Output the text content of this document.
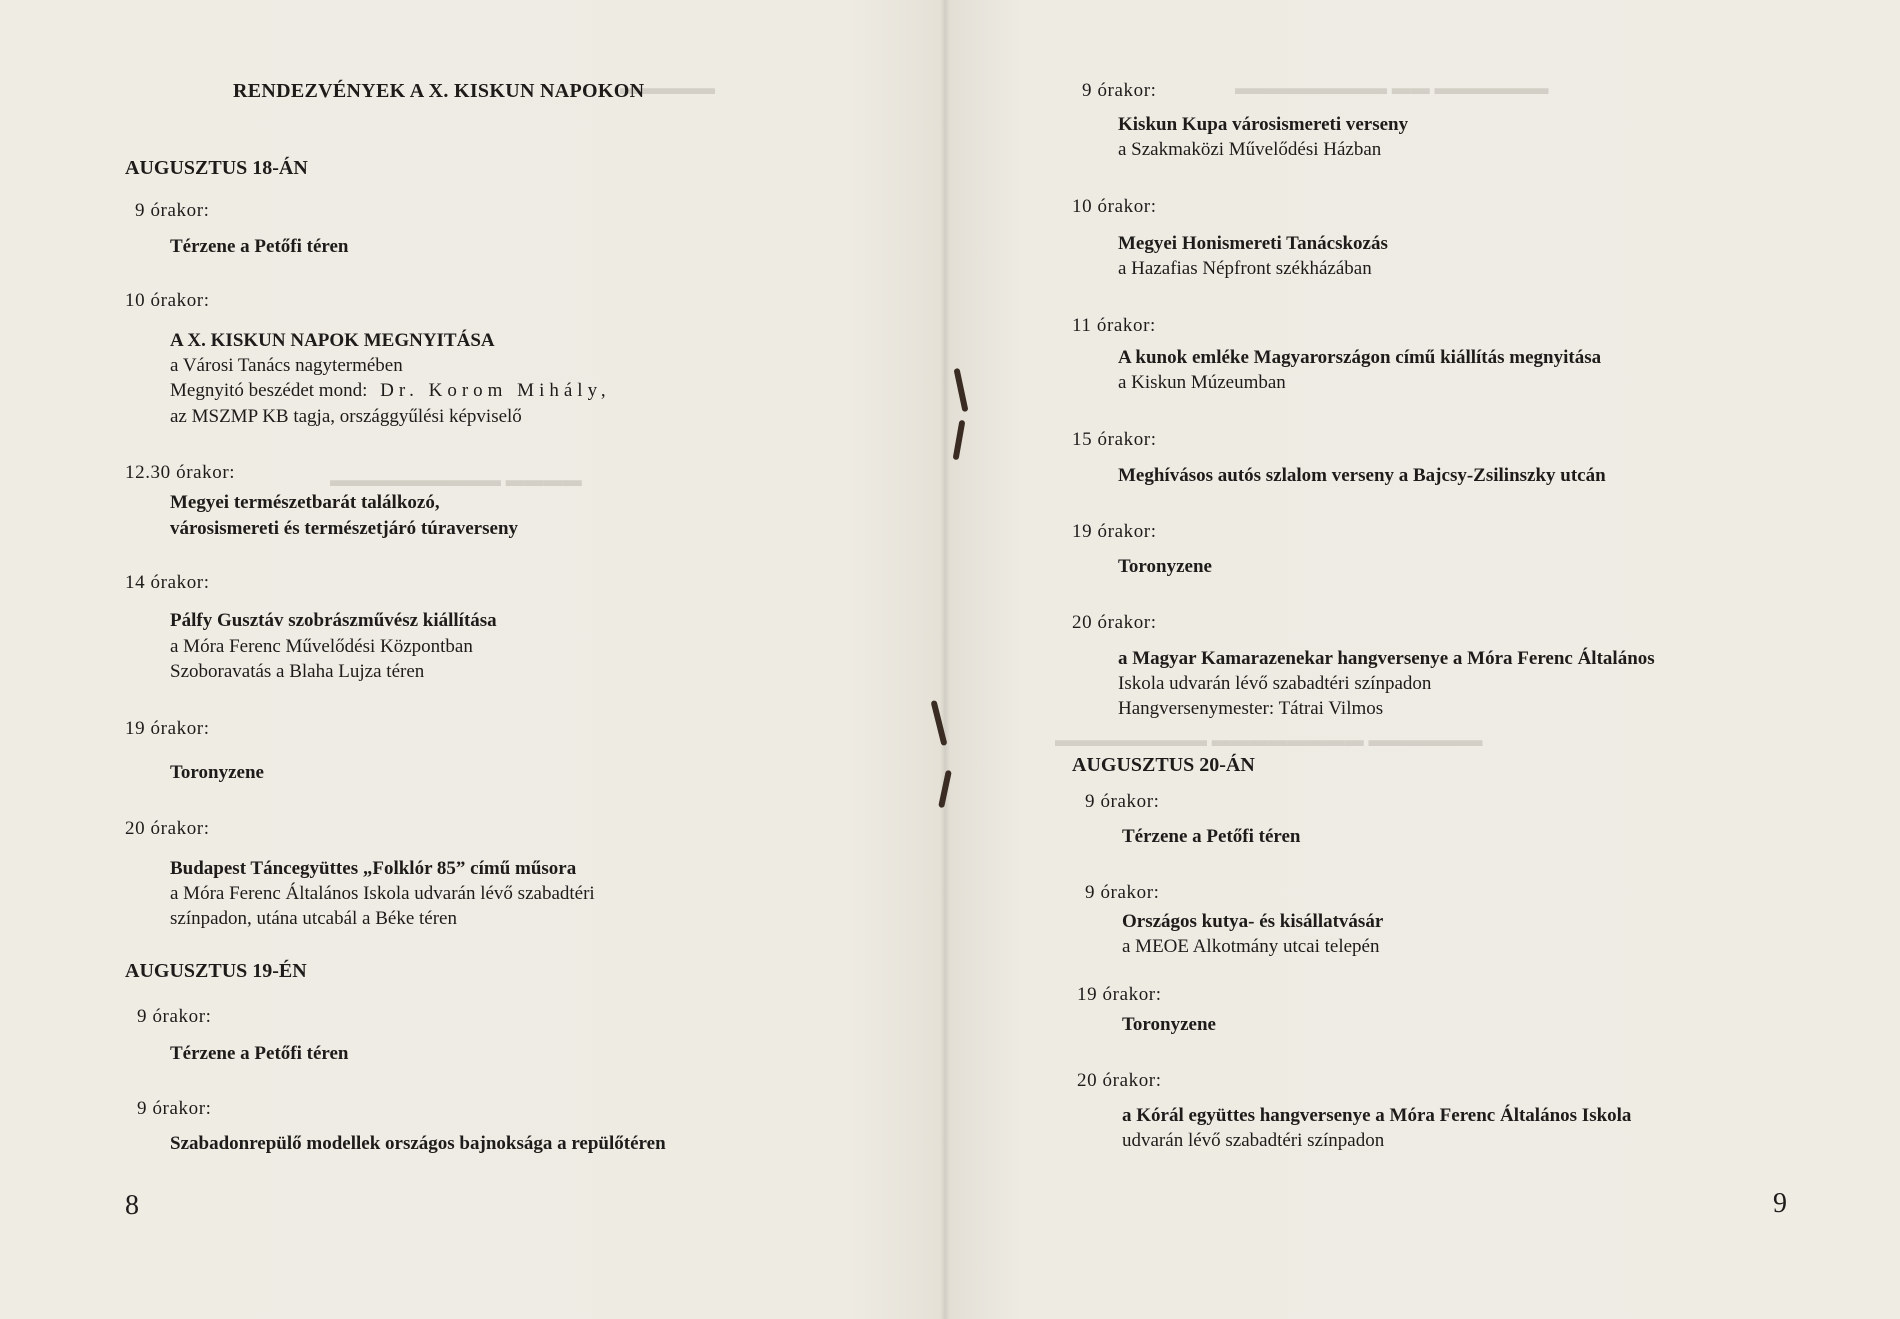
▬▬▬▬▬
▬▬▬▬ ▬▬▬▬▬▬▬▬▬
RENDEZVÉNYEK A X. KISKUN NAPOKON
AUGUSZTUS 18-ÁN
9 órakor:
Térzene a Petőfi téren
10 órakor:
A X. KISKUN NAPOK MEGNYITÁSA
a Városi Tanács nagytermében
Megnyitó beszédet mond: Dr. Korom Mihály,
az MSZMP KB tagja, országgyűlési képviselő
12.30 órakor:
Megyei természetbarát találkozó,
városismereti és természetjáró túraverseny
14 órakor:
Pálfy Gusztáv szobrászművész kiállítása
a Móra Ferenc Művelődési Központban
Szoboravatás a Blaha Lujza téren
19 órakor:
Toronyzene
20 órakor:
Budapest Táncegyüttes „Folklór 85” című műsora
a Móra Ferenc Általános Iskola udvarán lévő szabadtéri
színpadon, utána utcabál a Béke téren
AUGUSZTUS 19-ÉN
9 órakor:
Térzene a Petőfi téren
9 órakor:
Szabadonrepülő modellek országos bajnoksága a repülőtéren
8
▬▬▬▬▬▬ ▬▬ ▬▬▬▬▬▬▬▬
▬▬▬▬▬▬ ▬▬▬▬▬▬▬▬ ▬▬▬▬▬▬▬▬
9 órakor:
Kiskun Kupa városismereti verseny
a Szakmaközi Művelődési Házban
10 órakor:
Megyei Honismereti Tanácskozás
a Hazafias Népfront székházában
11 órakor:
A kunok emléke Magyarországon című kiállítás megnyitása
a Kiskun Múzeumban
15 órakor:
Meghívásos autós szlalom verseny a Bajcsy-Zsilinszky utcán
19 órakor:
Toronyzene
20 órakor:
a Magyar Kamarazenekar hangversenye a Móra Ferenc Általános
Iskola udvarán lévő szabadtéri színpadon
Hangversenymester: Tátrai Vilmos
AUGUSZTUS 20-ÁN
9 órakor:
Térzene a Petőfi téren
9 órakor:
Országos kutya- és kisállatvásár
a MEOE Alkotmány utcai telepén
19 órakor:
Toronyzene
20 órakor:
a Kórál együttes hangversenye a Móra Ferenc Általános Iskola
udvarán lévő szabadtéri színpadon
9
